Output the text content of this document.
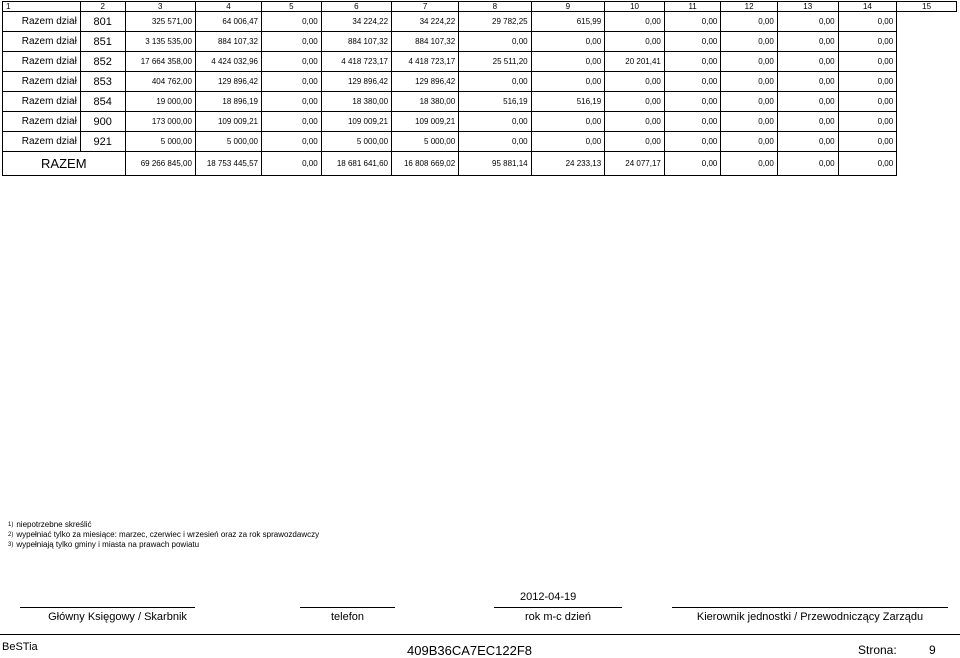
1	2	3	4	5	6	7	8	9	10	11	12	13	14	15
Razem dział	801	325 571,00	64 006,47	0,00	34 224,22	34 224,22	29 782,25	615,99	0,00	0,00	0,00	0,00	0,00	
Razem dział	851	3 135 535,00	884 107,32	0,00	884 107,32	884 107,32	0,00	0,00	0,00	0,00	0,00	0,00	0,00	
Razem dział	852	17 664 358,00	4 424 032,96	0,00	4 418 723,17	4 418 723,17	25 511,20	0,00	20 201,41	0,00	0,00	0,00	0,00	
Razem dział	853	404 762,00	129 896,42	0,00	129 896,42	129 896,42	0,00	0,00	0,00	0,00	0,00	0,00	0,00	
Razem dział	854	19 000,00	18 896,19	0,00	18 380,00	18 380,00	516,19	516,19	0,00	0,00	0,00	0,00	0,00	
Razem dział	900	173 000,00	109 009,21	0,00	109 009,21	109 009,21	0,00	0,00	0,00	0,00	0,00	0,00	0,00	
Razem dział	921	5 000,00	5 000,00	0,00	5 000,00	5 000,00	0,00	0,00	0,00	0,00	0,00	0,00	0,00	
RAZEM		69 266 845,00	18 753 445,57	0,00	18 681 641,60	16 808 669,02	95 881,14	24 233,13	24 077,17	0,00	0,00	0,00	0,00	
$^{1)}$ niepotrzebne skreślić
$^{2)}$ wypełniać tylko za miesiące: marzec, czerwiec i wrzesień oraz za rok sprawozdawczy
$^{3)}$ wypełniają tylko gminy i miasta na prawach powiatu
2012-04-19
Główny Księgowy / Skarbnik	telefon	rok m-c dzień	Kierownik jednostki / Przewodniczący Zarządu
BeSTia	409B36CA7EC122F8	Strona:	9
